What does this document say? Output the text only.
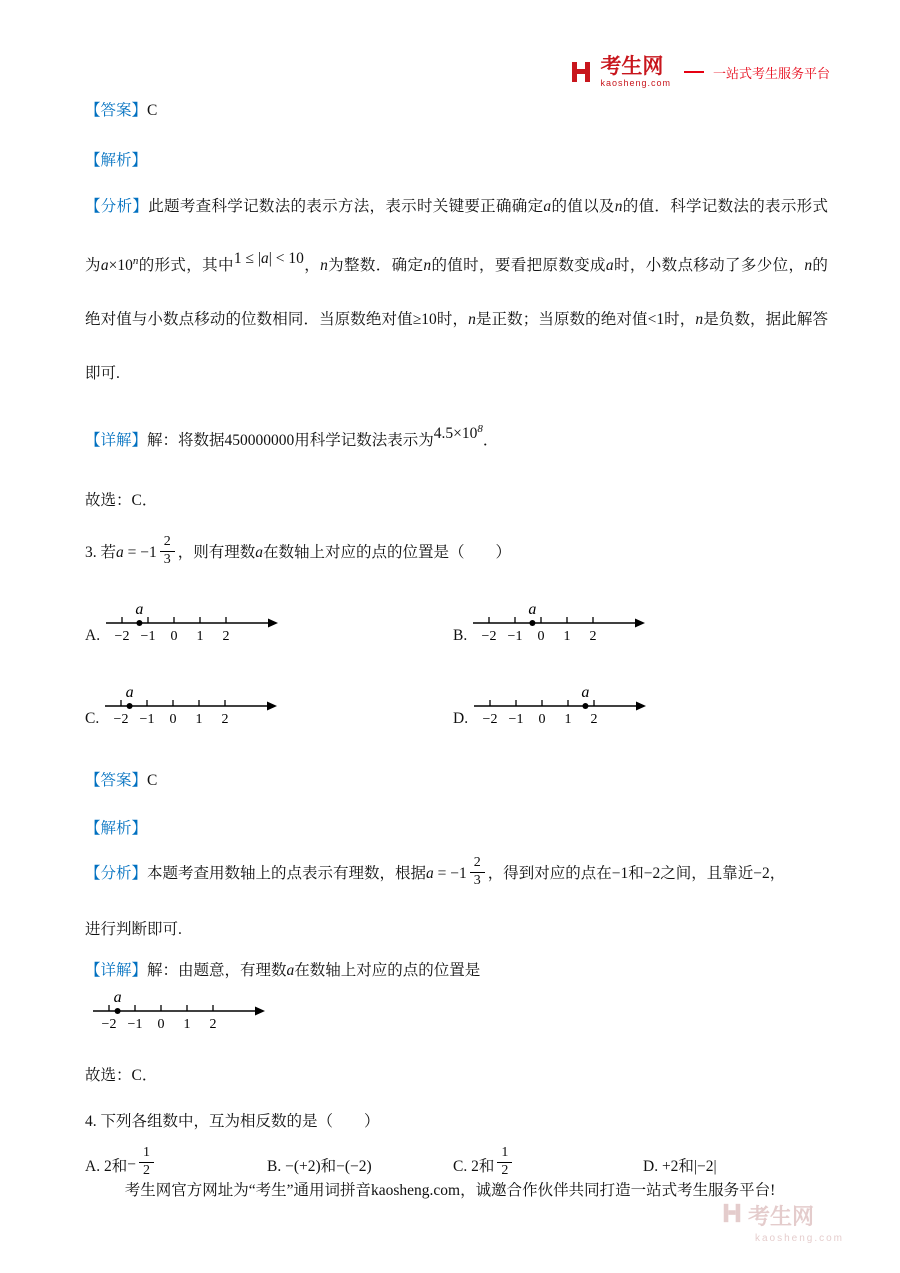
考生网
kaosheng.com
一站式考生服务平台

【答案】C

【解析】

【分析】此题考查科学记数法的表示方法，表示时关键要正确确定a的值以及n的值．科学记数法的表示形式为$a\times 10^n$的形式，其中1 ≤ |a| < 10，n为整数．确定n的值时，要看把原数变成a时，小数点移动了多少位，n的绝对值与小数点移动的位数相同．当原数绝对值≥10时，n是正数；当原数的绝对值<1时，n是负数，据此解答即可.

【详解】解：将数据450000000用科学记数法表示为$4.5\times 10^8$．

故选：C．

3. 若$a = -1 \frac{2}{3}$ ，则有理数a在数轴上对应的点的位置是（　　）

A. −2 −1 0 1 2
a
B. −2 −1 0 1 2
a
C. −2 −1 0 1 2
a
D. −2 −1 0 1 2
a

【答案】C

【解析】

【分析】本题考查用数轴上的点表示有理数，根据$a = -1 \frac{2}{3}$ ，得到对应的点在−1和−2之间，且靠近−2，
进行判断即可.

【详解】解：由题意，有理数a在数轴上对应的点的位置是

−2 −1 0 1 2
a

故选：C．

4. 下列各组数中，互为相反数的是（　　）

A. 2和 − $\frac{1}{2}$	B. −(+2)和−(−2)	C. 2和 $\frac{1}{2}$	D. +2和|−2|
考生网官方网址为“考生”通用词拼音kaosheng.com，诚邀合作伙伴共同打造一站式考生服务平台!
考生网
kaosheng.com
